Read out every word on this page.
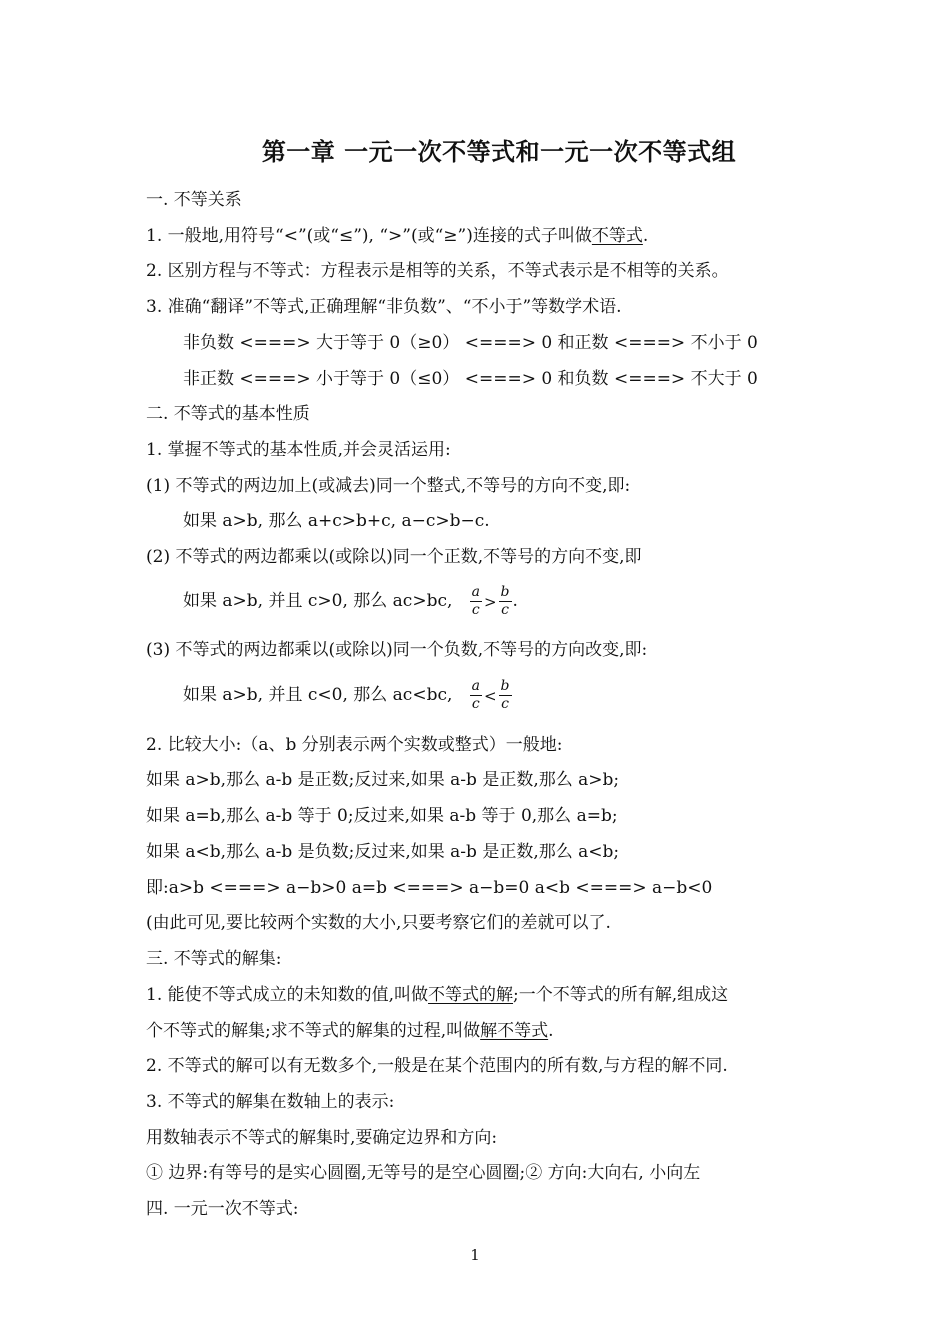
第一章 一元一次不等式和一元一次不等式组
一. 不等关系
1. 一般地,用符号“<”(或“≤”), “>”(或“≥”)连接的式子叫做不等式.
2. 区别方程与不等式：方程表示是相等的关系，不等式表示是不相等的关系。
3. 准确“翻译”不等式,正确理解“非负数”、“不小于”等数学术语.
非负数 <===> 大于等于 0（≥0） <===> 0 和正数 <===> 不小于 0
非正数 <===> 小于等于 0（≤0） <===> 0 和负数 <===> 不大于 0
二. 不等式的基本性质
1. 掌握不等式的基本性质,并会灵活运用:
(1) 不等式的两边加上(或减去)同一个整式,不等号的方向不变,即:
如果 a>b, 那么 a+c>b+c, a−c>b−c.
(2) 不等式的两边都乘以(或除以)同一个正数,不等号的方向不变,即
如果 a>b, 并且 c>0, 那么 ac>bc, $\frac{a}{c} > \frac{b}{c}$ .
(3) 不等式的两边都乘以(或除以)同一个负数,不等号的方向改变,即:
如果 a>b, 并且 c<0, 那么 ac<bc, $\frac{a}{c} < \frac{b}{c}$
2. 比较大小:（a、b 分别表示两个实数或整式）一般地:
如果 a>b,那么 a-b 是正数;反过来,如果 a-b 是正数,那么 a>b;
如果 a=b,那么 a-b 等于 0;反过来,如果 a-b 等于 0,那么 a=b;
如果 a<b,那么 a-b 是负数;反过来,如果 a-b 是正数,那么 a<b;
即:a>b <===> a−b>0 a=b <===> a−b=0 a<b <===> a−b<0
(由此可见,要比较两个实数的大小,只要考察它们的差就可以了.
三. 不等式的解集:
1. 能使不等式成立的未知数的值,叫做不等式的解;一个不等式的所有解,组成这
个不等式的解集;求不等式的解集的过程,叫做解不等式.
2. 不等式的解可以有无数多个,一般是在某个范围内的所有数,与方程的解不同.
3. 不等式的解集在数轴上的表示:
用数轴表示不等式的解集时,要确定边界和方向:
① 边界:有等号的是实心圆圈,无等号的是空心圆圈;② 方向:大向右, 小向左
四. 一元一次不等式:
1
